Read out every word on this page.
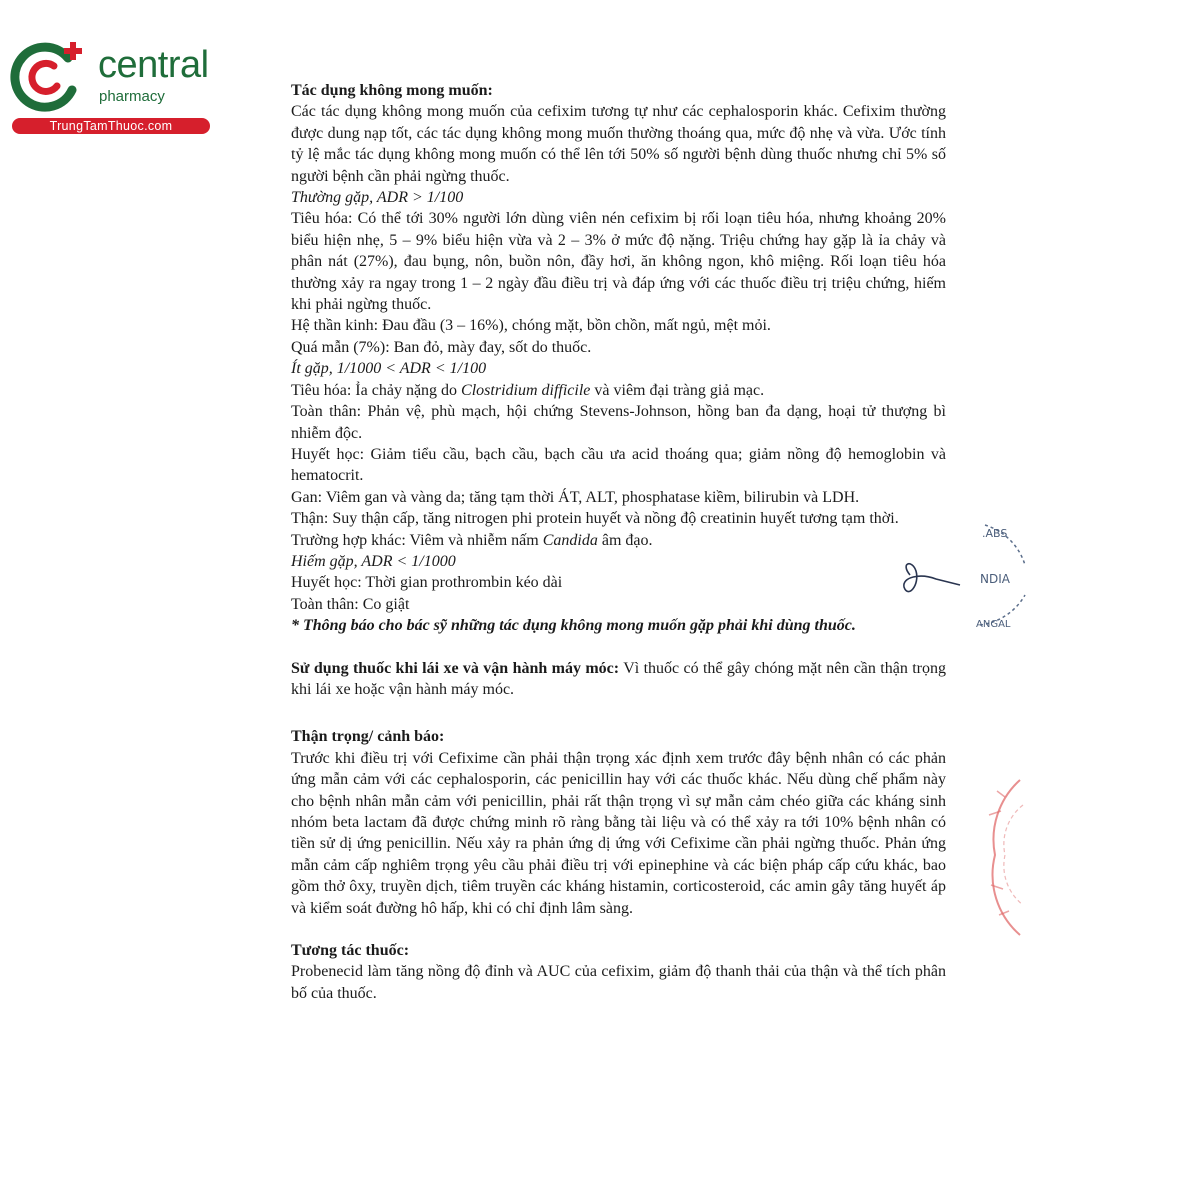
central
pharmacy
TrungTamThuoc.com

Tác dụng không mong muốn:

Các tác dụng không mong muốn của cefixim tương tự như các cephalosporin khác. Cefixim thường được dung nạp tốt, các tác dụng không mong muốn thường thoáng qua, mức độ nhẹ và vừa. Ước tính tỷ lệ mắc tác dụng không mong muốn có thể lên tới 50% số người bệnh dùng thuốc nhưng chỉ 5% số người bệnh cần phải ngừng thuốc.

Thường gặp, ADR > 1/100

Tiêu hóa: Có thể tới 30% người lớn dùng viên nén cefixim bị rối loạn tiêu hóa, nhưng khoảng 20% biểu hiện nhẹ, 5 – 9% biểu hiện vừa và 2 – 3% ở mức độ nặng. Triệu chứng hay gặp là ỉa chảy và phân nát (27%), đau bụng, nôn, buồn nôn, đầy hơi, ăn không ngon, khô miệng. Rối loạn tiêu hóa thường xảy ra ngay trong 1 – 2 ngày đầu điều trị và đáp ứng với các thuốc điều trị triệu chứng, hiếm khi phải ngừng thuốc.

Hệ thần kinh: Đau đầu (3 – 16%), chóng mặt, bồn chồn, mất ngủ, mệt mỏi.

Quá mẫn (7%): Ban đỏ, mày đay, sốt do thuốc.

Ít gặp, 1/1000 < ADR < 1/100

Tiêu hóa: Ỉa chảy nặng do Clostridium difficile và viêm đại tràng giả mạc.

Toàn thân: Phản vệ, phù mạch, hội chứng Stevens-Johnson, hồng ban đa dạng, hoại tử thượng bì nhiễm độc.

Huyết học: Giảm tiểu cầu, bạch cầu, bạch cầu ưa acid thoáng qua; giảm nồng độ hemoglobin và hematocrit.

Gan: Viêm gan và vàng da; tăng tạm thời ÁT, ALT, phosphatase kiềm, bilirubin và LDH.

Thận: Suy thận cấp, tăng nitrogen phi protein huyết và nồng độ creatinin huyết tương tạm thời.

Trường hợp khác: Viêm và nhiễm nấm Candida âm đạo.

Hiếm gặp, ADR < 1/1000

Huyết học: Thời gian prothrombin kéo dài

Toàn thân: Co giật

* Thông báo cho bác sỹ những tác dụng không mong muốn gặp phải khi dùng thuốc.

Sử dụng thuốc khi lái xe và vận hành máy móc: Vì thuốc có thể gây chóng mặt nên cần thận trọng khi lái xe hoặc vận hành máy móc.

Thận trọng/ cảnh báo:

Trước khi điều trị với Cefixime cần phải thận trọng xác định xem trước đây bệnh nhân có các phản ứng mẫn cảm với các cephalosporin, các penicillin hay với các thuốc khác. Nếu dùng chế phẩm này cho bệnh nhân mẫn cảm với penicillin, phải rất thận trọng vì sự mẫn cảm chéo giữa các kháng sinh nhóm beta lactam đã được chứng minh rõ ràng bằng tài liệu và có thể xảy ra tới 10% bệnh nhân có tiền sử dị ứng penicillin. Nếu xảy ra phản ứng dị ứng với Cefixime cần phải ngừng thuốc. Phản ứng mẫn cảm cấp nghiêm trọng yêu cầu phải điều trị với epinephine và các biện pháp cấp cứu khác, bao gồm thở ôxy, truyền dịch, tiêm truyền các kháng histamin, corticosteroid, các amin gây tăng huyết áp và kiểm soát đường hô hấp, khi có chỉ định lâm sàng.

Tương tác thuốc:

Probenecid làm tăng nồng độ đỉnh và AUC của cefixim, giảm độ thanh thải của thận và thể tích phân bố của thuốc.

.ABS
NDIA
ANGAL
